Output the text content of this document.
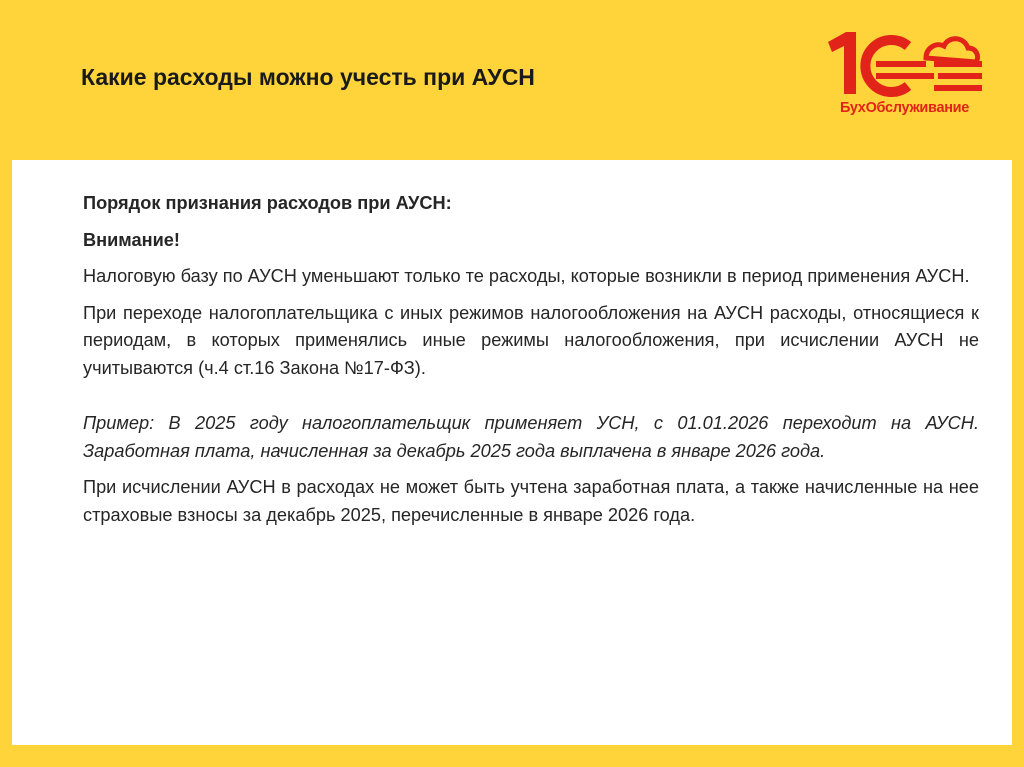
Какие расходы можно учесть при АУСН
БухОбслуживание

Порядок признания расходов при АУСН:

Внимание!

Налоговую базу по АУСН уменьшают только те расходы, которые возникли в период применения АУСН.

При переходе налогоплательщика с иных режимов налогообложения на АУСН расходы, относящиеся к периодам, в которых применялись иные режимы налогообложения, при исчислении АУСН не учитываются (ч.4 ст.16 Закона №17-ФЗ).

Пример: В 2025 году налогоплательщик применяет УСН, с 01.01.2026 переходит на АУСН. Заработная плата, начисленная за декабрь 2025 года выплачена в январе 2026 года.

При исчислении АУСН в расходах не может быть учтена заработная плата, а также начисленные на нее страховые взносы за декабрь 2025, перечисленные в январе 2026 года.
